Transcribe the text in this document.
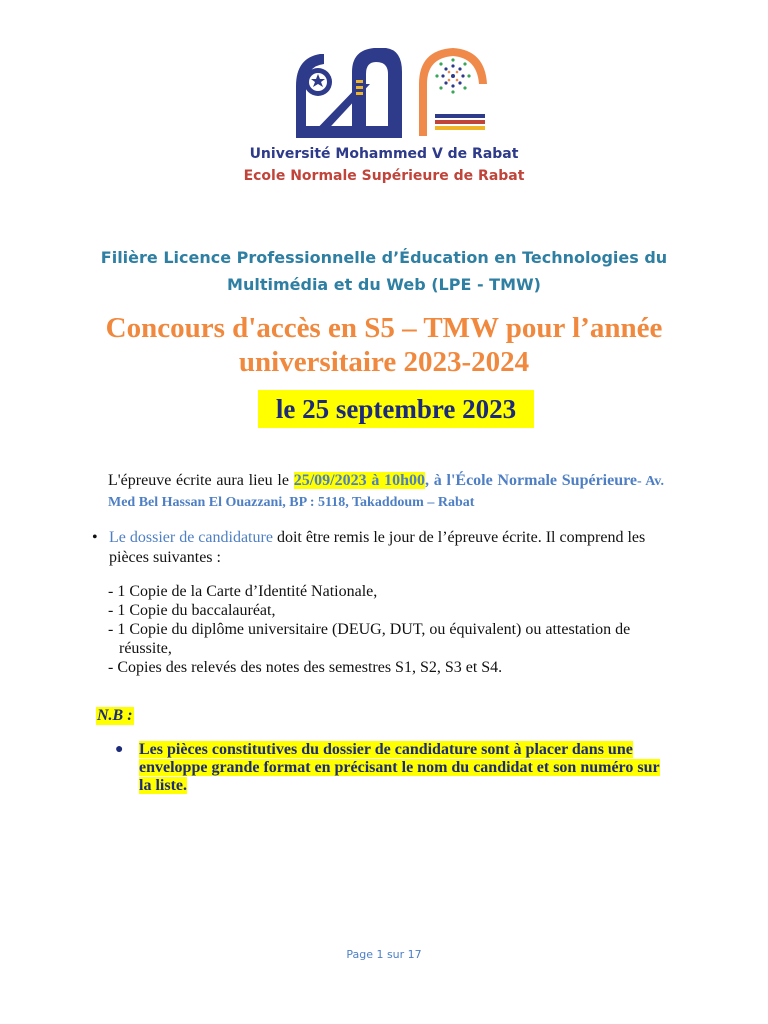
Université Mohammed V de Rabat
Ecole Normale Supérieure de Rabat
Filière Licence Professionnelle d’Éducation en Technologies du
Multimédia et du Web (LPE - TMW)
Concours d'accès en S5 – TMW pour l’année
universitaire 2023-2024
le 25 septembre 2023
L'épreuve écrite aura lieu le 25/09/2023 à 10h00, à l'École Normale Supérieure- Av. Med Bel Hassan El Ouazzani, BP : 5118, Takaddoum – Rabat
• Le dossier de candidature doit être remis le jour de l’épreuve écrite. Il comprend les pièces suivantes :
- 1 Copie de la Carte d’Identité Nationale,
- 1 Copie du baccalauréat,
- 1 Copie du diplôme universitaire (DEUG, DUT, ou équivalent) ou attestation de
réussite,
- Copies des relevés des notes des semestres S1, S2, S3 et S4.
N.B :
● Les pièces constitutives du dossier de candidature sont à placer dans une
enveloppe grande format en précisant le nom du candidat et son numéro sur
la liste.
Page 1 sur 17
